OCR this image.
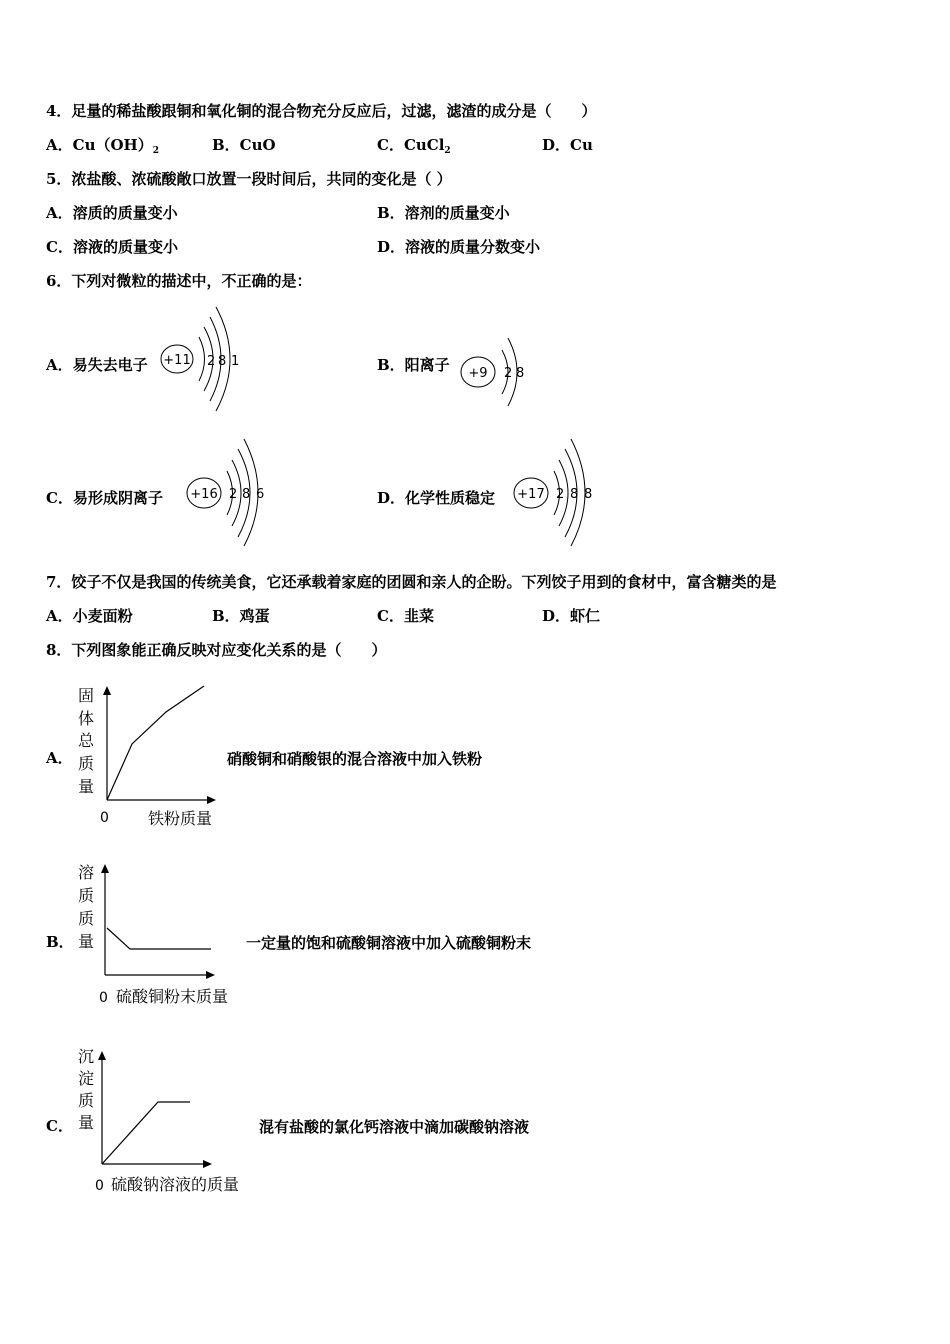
4．足量的稀盐酸跟铜和氧化铜的混合物充分反应后，过滤，滤渣的成分是（　　）
A．$Cu(OH)_2$	B．CuO	C．CuCl$_2$	D．Cu
5．浓盐酸、浓硫酸敞口放置一段时间后，共同的变化是（ ）
A．溶质的质量变小	B．溶剂的质量变小
C．溶液的质量变小	D．溶液的质量分数变小
6．下列对微粒的描述中，不正确的是：
A．易失去电子 +11 2 8 1	B．阳离子 +9 2 8
C．易形成阴离子 +16 2 8 6	D．化学性质稳定 +17 2 8 8
7．饺子不仅是我国的传统美食，它还承载着家庭的团圆和亲人的企盼。下列饺子用到的食材中，富含糖类的是
A．小麦面粉	B．鸡蛋	C．韭菜	D．虾仁
8．下列图象能正确反映对应变化关系的是（　　）
A．
固
体
总
质
量
0 铁粉质量
硝酸铜和硝酸银的混合溶液中加入铁粉
B．
溶
质
质
量
0 硫酸铜粉末质量
一定量的饱和硫酸铜溶液中加入硫酸铜粉末
C．
沉
淀
质
量
0 硫酸钠溶液的质量
混有盐酸的氯化钙溶液中滴加碳酸钠溶液
